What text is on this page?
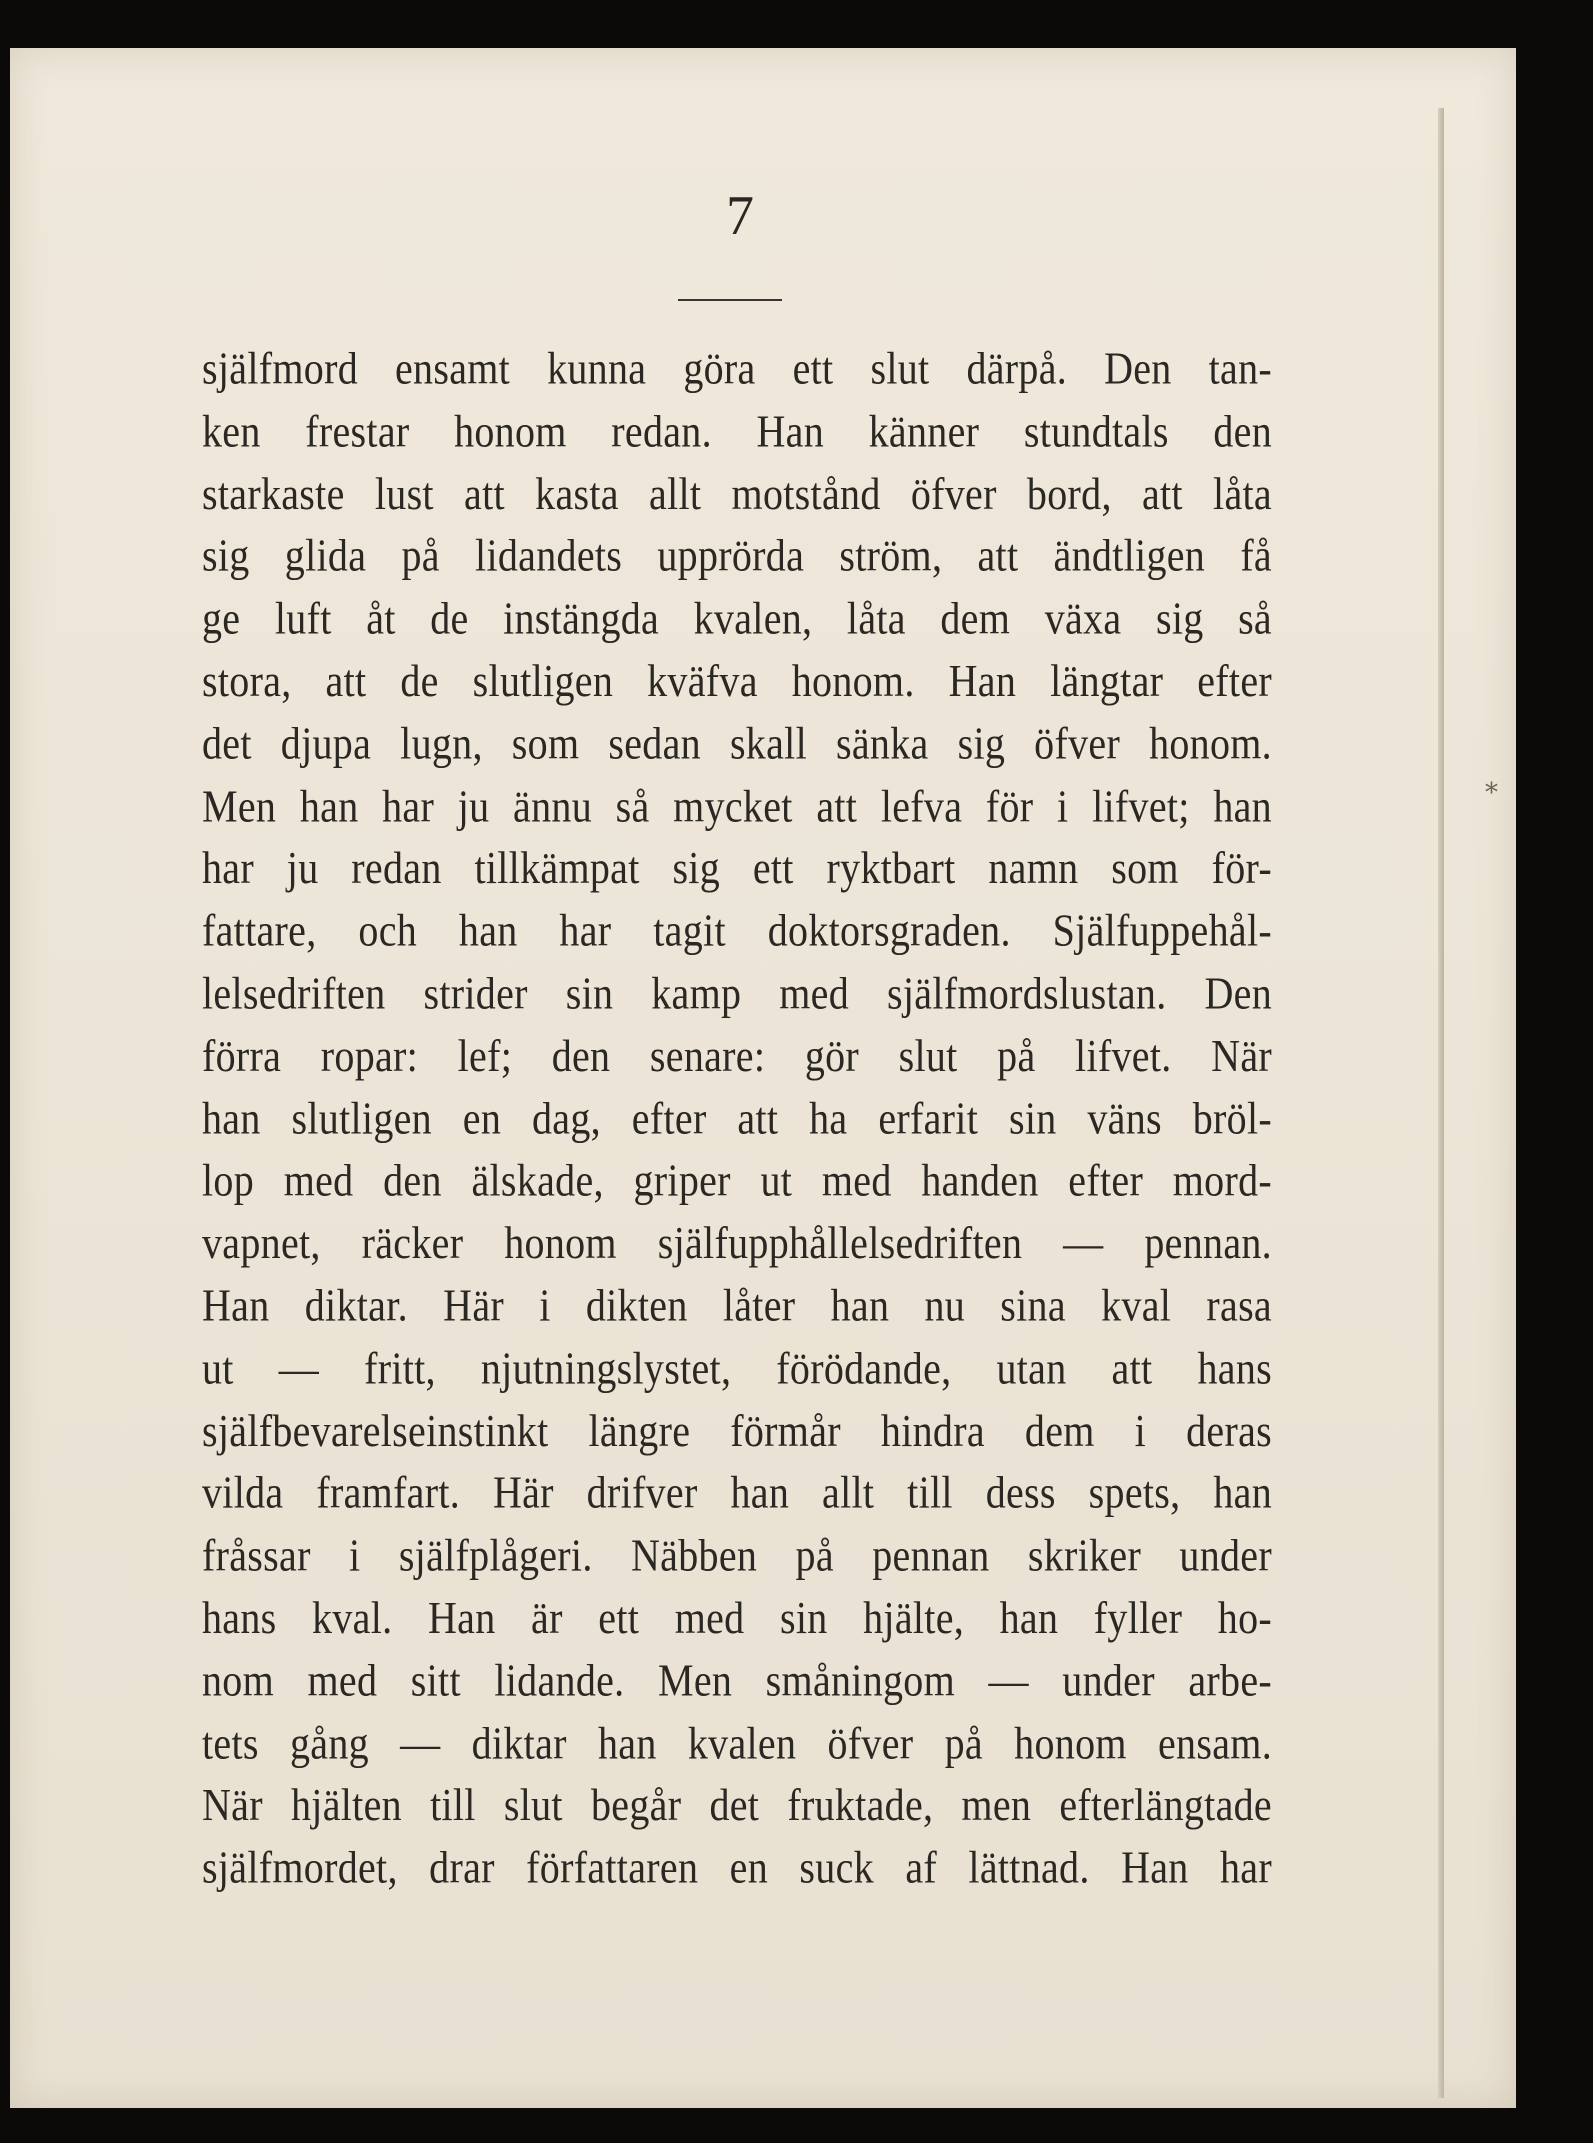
7
själfmord ensamt kunna göra ett slut därpå. Den tan-
ken frestar honom redan. Han känner stundtals den
starkaste lust att kasta allt motstånd öfver bord, att låta
sig glida på lidandets upprörda ström, att ändtligen få
ge luft åt de instängda kvalen, låta dem växa sig så
stora, att de slutligen kväfva honom. Han längtar efter
det djupa lugn, som sedan skall sänka sig öfver honom.
Men han har ju ännu så mycket att lefva för i lifvet; han
har ju redan tillkämpat sig ett ryktbart namn som för-
fattare, och han har tagit doktorsgraden. Själfuppehål-
lelsedriften strider sin kamp med själfmordslustan. Den
förra ropar: lef; den senare: gör slut på lifvet. När
han slutligen en dag, efter att ha erfarit sin väns bröl-
lop med den älskade, griper ut med handen efter mord-
vapnet, räcker honom själfupphållelsedriften — pennan.
Han diktar. Här i dikten låter han nu sina kval rasa
ut — fritt, njutningslystet, förödande, utan att hans
själfbevarelseinstinkt längre förmår hindra dem i deras
vilda framfart. Här drifver han allt till dess spets, han
fråssar i själfplågeri. Näbben på pennan skriker under
hans kval. Han är ett med sin hjälte, han fyller ho-
nom med sitt lidande. Men småningom — under arbe-
tets gång — diktar han kvalen öfver på honom ensam.
När hjälten till slut begår det fruktade, men efterlängtade
själfmordet, drar författaren en suck af lättnad. Han har
*
